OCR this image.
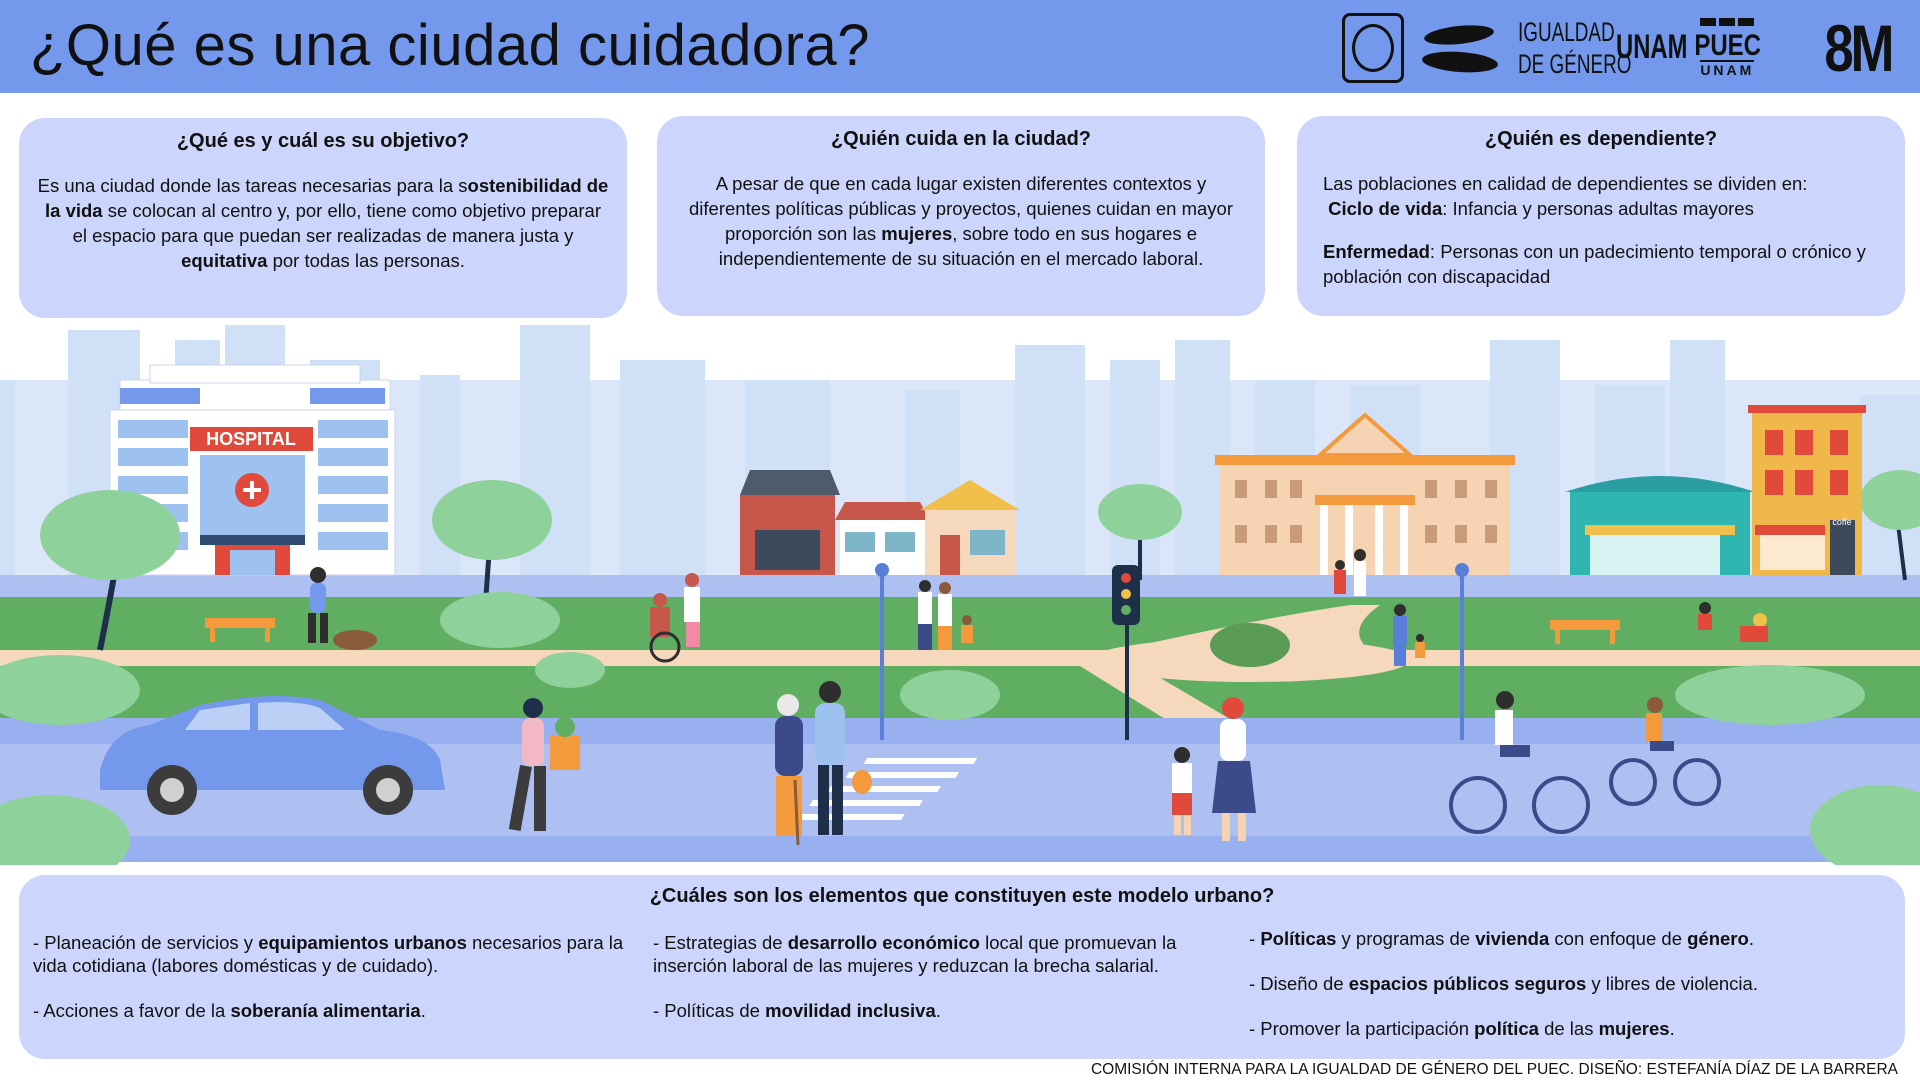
¿Qué es una ciudad cuidadora?	IGUALDAD
DE GÉNERO
UNAM PUEC
UNAM 8M
¿Qué es y cuál es su objetivo?

Es una ciudad donde las tareas necesarias para la sostenibilidad de la vida se colocan al centro y, por ello, tiene como objetivo preparar el espacio para que puedan ser realizadas de manera justa y equitativa por todas las personas.

¿Quién cuida en la ciudad?

A pesar de que en cada lugar existen diferentes contextos y diferentes políticas públicas y proyectos, quienes cuidan en mayor proporción son las mujeres, sobre todo en sus hogares e independientemente de su situación en el mercado laboral.

¿Quién es dependiente?

Las poblaciones en calidad de dependientes se dividen en:
Ciclo de vida: Infancia y personas adultas mayores

Enfermedad: Personas con un padecimiento temporal o crónico y población con discapacidad

HOSPITAL
coffe
¿Cuáles son los elementos que constituyen este modelo urbano?

- Planeación de servicios y equipamientos urbanos necesarios para la vida cotidiana (labores domésticas y de cuidado).

- Acciones a favor de la soberanía alimentaria.

- Estrategias de desarrollo económico local que promuevan la inserción laboral de las mujeres y reduzcan la brecha salarial.

- Políticas de movilidad inclusiva.

- Políticas y programas de vivienda con enfoque de género.

- Diseño de espacios públicos seguros y libres de violencia.

- Promover la participación política de las mujeres.

COMISIÓN INTERNA PARA LA IGUALDAD DE GÉNERO DEL PUEC. DISEÑO: ESTEFANÍA DÍAZ DE LA BARRERA
